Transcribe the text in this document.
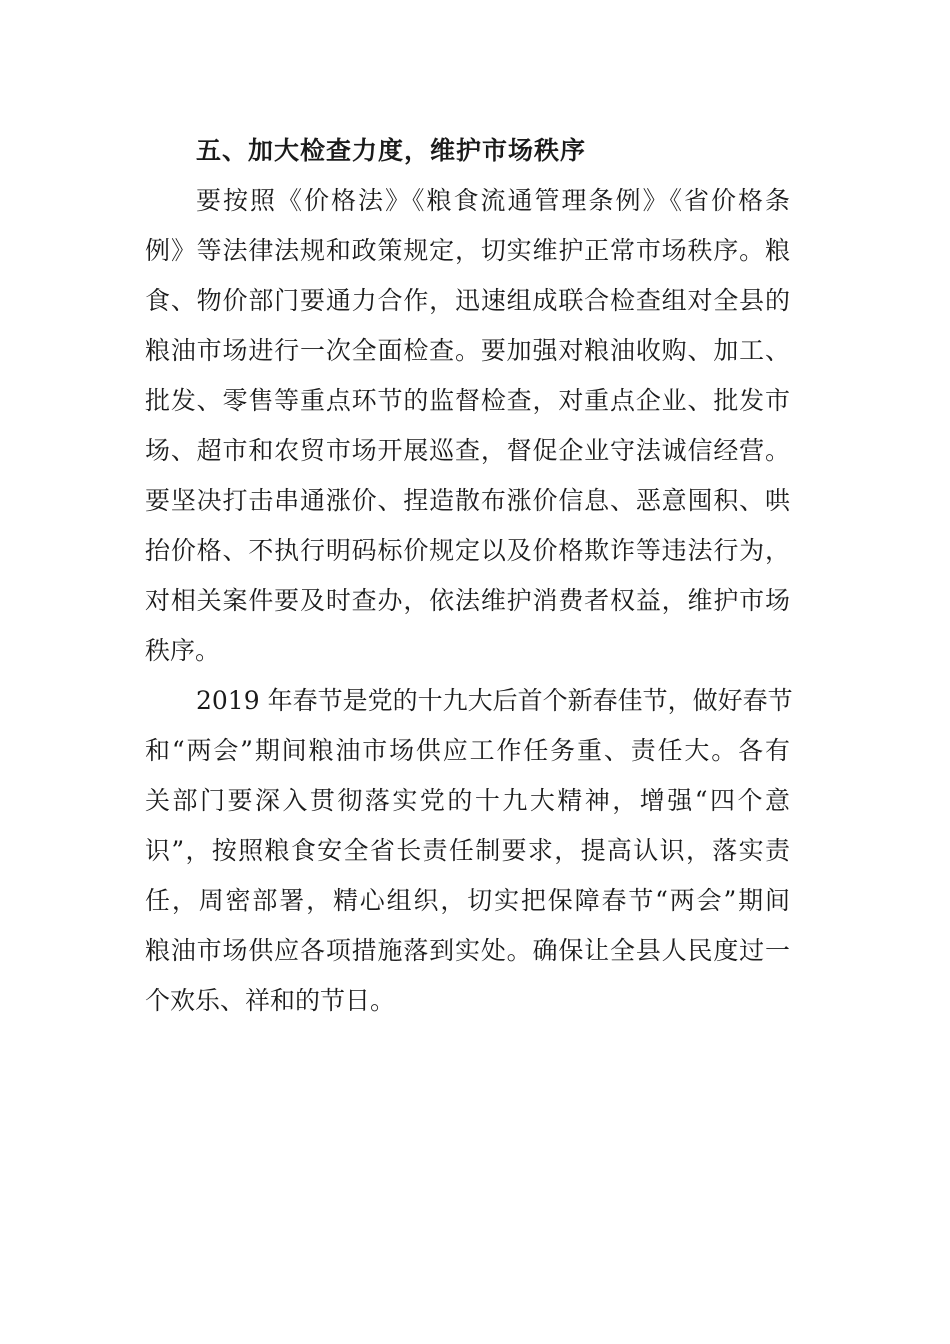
五、加大检查力度，维护市场秩序
要按照《价格法》《粮食流通管理条例》《省价格条
例》等法律法规和政策规定，切实维护正常市场秩序。粮
食、物价部门要通力合作，迅速组成联合检查组对全县的
粮油市场进行一次全面检查。要加强对粮油收购、加工、
批发、零售等重点环节的监督检查，对重点企业、批发市
场、超市和农贸市场开展巡查，督促企业守法诚信经营。
要坚决打击串通涨价、捏造散布涨价信息、恶意囤积、哄
抬价格、不执行明码标价规定以及价格欺诈等违法行为，
对相关案件要及时查办，依法维护消费者权益，维护市场
秩序。
2019 年春节是党的十九大后首个新春佳节，做好春节
和“两会”期间粮油市场供应工作任务重、责任大。各有
关部门要深入贯彻落实党的十九大精神，增强“四个意
识”，按照粮食安全省长责任制要求，提高认识，落实责
任，周密部署，精心组织，切实把保障春节“两会”期间
粮油市场供应各项措施落到实处。确保让全县人民度过一
个欢乐、祥和的节日。
